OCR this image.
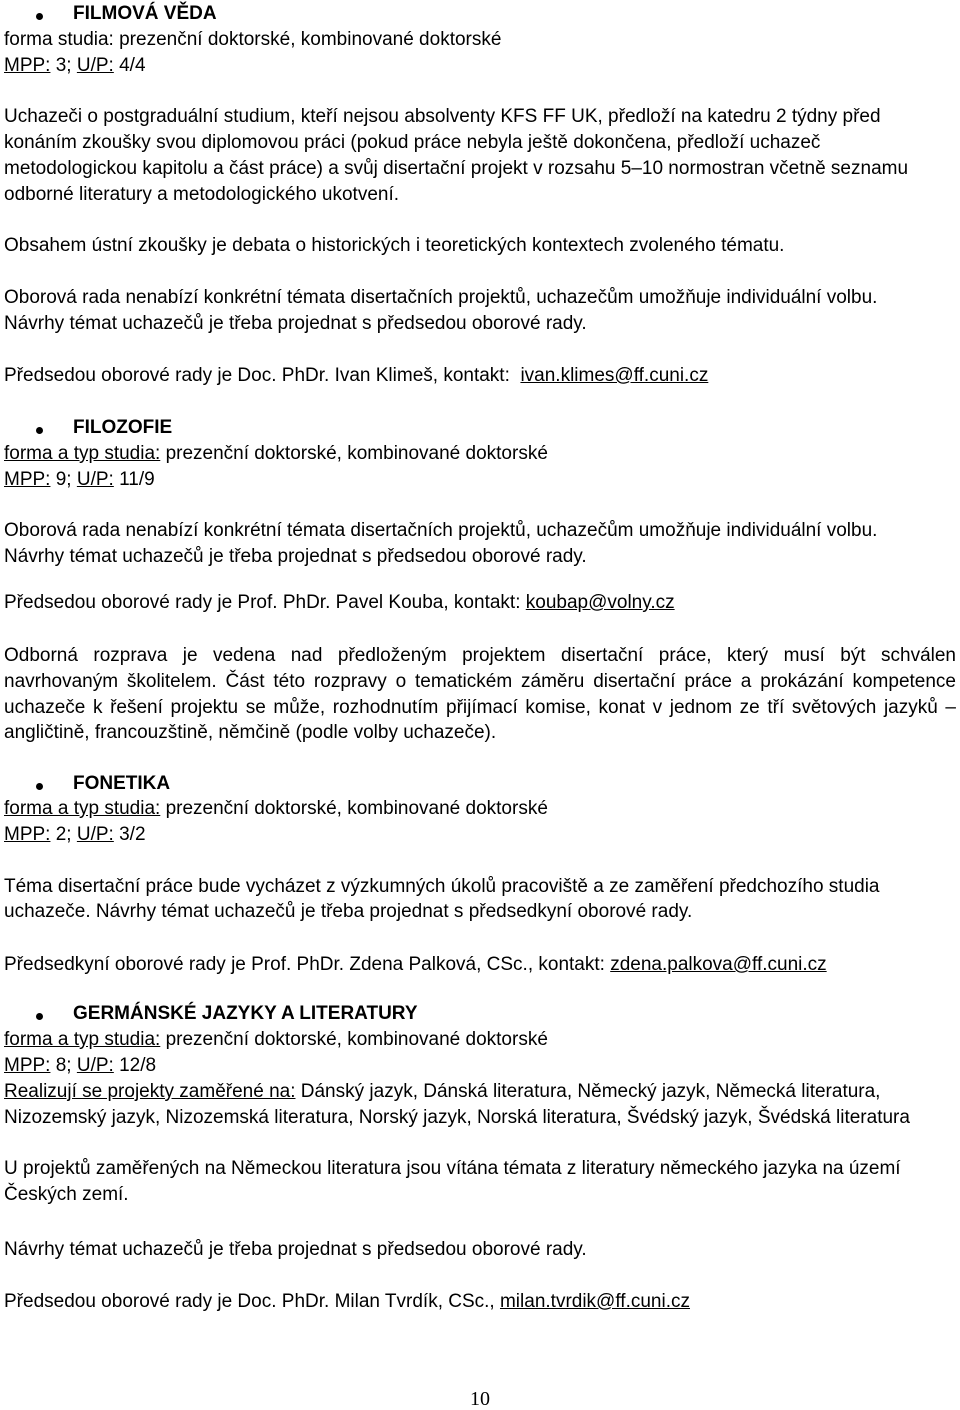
FILMOVÁ VĚDA
forma studia: prezenční doktorské, kombinované doktorské
MPP: 3; U/P: 4/4
Uchazeči o postgraduální studium, kteří nejsou absolventy KFS FF UK, předloží na katedru 2 týdny před
konáním zkoušky svou diplomovou práci (pokud práce nebyla ještě dokončena, předloží uchazeč
metodologickou kapitolu a část práce) a svůj disertační projekt v rozsahu 5–10 normostran včetně seznamu
odborné literatury a metodologického ukotvení.
Obsahem ústní zkoušky je debata o historických i teoretických kontextech zvoleného tématu.
Oborová rada nenabízí konkrétní témata disertačních projektů, uchazečům umožňuje individuální volbu.
Návrhy témat uchazečů je třeba projednat s předsedou oborové rady.
Předsedou oborové rady je Doc. PhDr. Ivan Klimeš, kontakt: ivan.klimes@ff.cuni.cz
FILOZOFIE
forma a typ studia: prezenční doktorské, kombinované doktorské
MPP: 9; U/P: 11/9
Oborová rada nenabízí konkrétní témata disertačních projektů, uchazečům umožňuje individuální volbu.
Návrhy témat uchazečů je třeba projednat s předsedou oborové rady.
Předsedou oborové rady je Prof. PhDr. Pavel Kouba, kontakt: koubap@volny.cz
Odborná rozprava je vedena nad předloženým projektem disertační práce, který musí být schválen
navrhovaným školitelem. Část této rozpravy o tematickém záměru disertační práce a prokázání kompetence
uchazeče k řešení projektu se může, rozhodnutím přijímací komise, konat v jednom ze tří světových jazyků –
angličtině, francouzštině, němčině (podle volby uchazeče).
FONETIKA
forma a typ studia: prezenční doktorské, kombinované doktorské
MPP: 2; U/P: 3/2
Téma disertační práce bude vycházet z výzkumných úkolů pracoviště a ze zaměření předchozího studia
uchazeče. Návrhy témat uchazečů je třeba projednat s předsedkyní oborové rady.
Předsedkyní oborové rady je Prof. PhDr. Zdena Palková, CSc., kontakt: zdena.palkova@ff.cuni.cz
GERMÁNSKÉ JAZYKY A LITERATURY
forma a typ studia: prezenční doktorské, kombinované doktorské
MPP: 8; U/P: 12/8
Realizují se projekty zaměřené na: Dánský jazyk, Dánská literatura, Německý jazyk, Německá literatura,
Nizozemský jazyk, Nizozemská literatura, Norský jazyk, Norská literatura, Švédský jazyk, Švédská literatura
U projektů zaměřených na Německou literatura jsou vítána témata z literatury německého jazyka na území
Českých zemí.
Návrhy témat uchazečů je třeba projednat s předsedou oborové rady.
Předsedou oborové rady je Doc. PhDr. Milan Tvrdík, CSc., milan.tvrdik@ff.cuni.cz
10
